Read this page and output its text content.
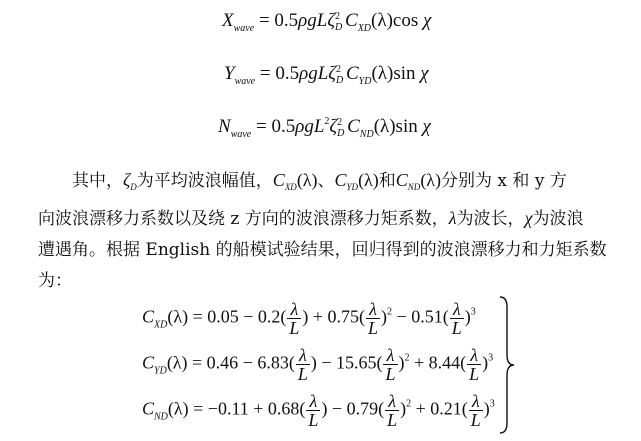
$X_{wave} = 0.5\rho gL\zeta$ 2
D $C_{XD}(\lambda)\cos$ χ
$Y_{wave} = 0.5\rho gL\zeta$ 2
D $C_{YD}(\lambda)\sin$ χ
$N_{wave} = 0.5\rho gL^2\zeta$ 2
D $C_{ND}(\lambda)\sin$ χ
其中，$\zeta_D$为平均波浪幅值，$C_{XD}(\lambda)$、$C_{YD}(\lambda)$和$C_{ND}(\lambda)$分别为 x 和 y 方
向波浪漂移力系数以及绕 z 方向的波浪漂移力矩系数，λ为波长，χ为波浪
遭遇角。根据 English 的船模试验结果，回归得到的波浪漂移力和力矩系数
为：
$C_{XD}(\lambda) = 0.05 - 0.2( \frac{\lambda}{L}$ ) + $0.75( \frac{\lambda}{L} )^2 - 0.51( \frac{\lambda}{L} )^3$
$C_{YD}(\lambda) = 0.46 - 6.83( \frac{\lambda}{L}$ ) − $15.65( \frac{\lambda}{L} )^2 + 8.44( \frac{\lambda}{L} )^3$
$C_{ND}(\lambda) = -0.11 + 0.68( \frac{\lambda}{L}$ ) − $0.79( \frac{\lambda}{L} )^2 + 0.21( \frac{\lambda}{L} )^3$
